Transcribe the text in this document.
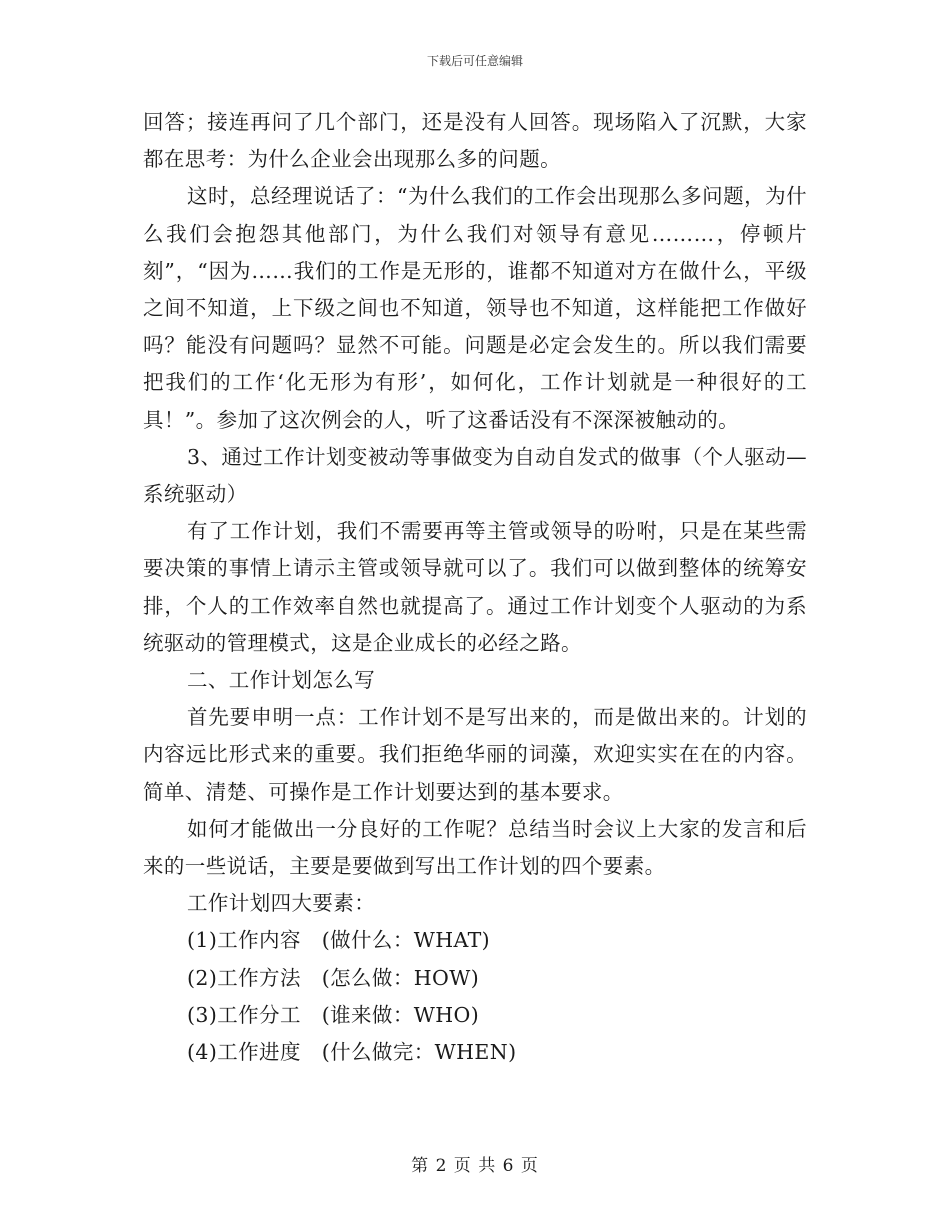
下载后可任意编辑

回答；接连再问了几个部门，还是没有人回答。现场陷入了沉默，大家都在思考：为什么企业会出现那么多的问题。

这时，总经理说话了：“为什么我们的工作会出现那么多问题，为什么我们会抱怨其他部门，为什么我们对领导有意见………，停顿片刻”，“因为……我们的工作是无形的，谁都不知道对方在做什么，平级之间不知道，上下级之间也不知道，领导也不知道，这样能把工作做好吗？能没有问题吗？显然不可能。问题是必定会发生的。所以我们需要把我们的工作‘化无形为有形’，如何化，工作计划就是一种很好的工具！”。参加了这次例会的人，听了这番话没有不深深被触动的。

3、通过工作计划变被动等事做变为自动自发式的做事（个人驱动—系统驱动）

有了工作计划，我们不需要再等主管或领导的吩咐，只是在某些需要决策的事情上请示主管或领导就可以了。我们可以做到整体的统筹安排，个人的工作效率自然也就提高了。通过工作计划变个人驱动的为系统驱动的管理模式，这是企业成长的必经之路。

二、工作计划怎么写

首先要申明一点：工作计划不是写出来的，而是做出来的。计划的内容远比形式来的重要。我们拒绝华丽的词藻，欢迎实实在在的内容。简单、清楚、可操作是工作计划要达到的基本要求。

如何才能做出一分良好的工作呢？总结当时会议上大家的发言和后来的一些说话，主要是要做到写出工作计划的四个要素。

工作计划四大要素：

(1)工作内容　(做什么：WHAT)

(2)工作方法　(怎么做：HOW)

(3)工作分工　(谁来做：WHO)

(4)工作进度　(什么做完：WHEN)

第 2 页 共 6 页
